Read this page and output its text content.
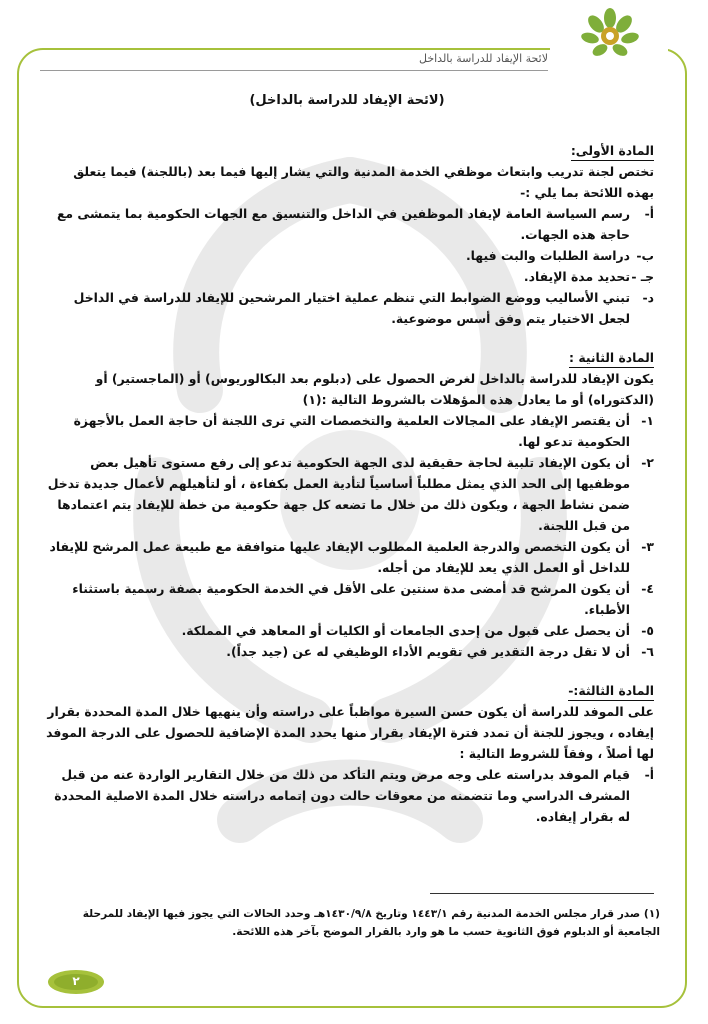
لائحة الإيفاد للدراسة بالداخل
(لائحة الإيفاد للدراسة بالداخل)
المادة الأولى:

تختص لجنة تدريب وابتعاث موظفي الخدمة المدنية والتي يشار إليها فيما بعد (باللجنة) فيما يتعلق

بهذه اللائحة بما يلي :-

أ-
رسم السياسة العامة لإيفاد الموظفين في الداخل والتنسيق مع الجهات الحكومية بما يتمشى مع حاجة هذه الجهات.
ب-
دراسة الطلبات والبت فيها.
جـ -
تحديد مدة الإيفاد.
د-
تبني الأساليب ووضع الضوابط التي تنظم عملية اختيار المرشحين للإيفاد للدراسة في الداخل لجعل الاختيار يتم وفق أسس موضوعية.
المادة الثانية :

يكون الإيفاد للدراسة بالداخل لغرض الحصول على (دبلوم بعد البكالوريوس) أو (الماجستير) أو

(الدكتوراه) أو ما يعادل هذه المؤهلات بالشروط التالية :(١)

١-
أن يقتصر الإيفاد على المجالات العلمية والتخصصات التي ترى اللجنة أن حاجة العمل بالأجهزة الحكومية تدعو لها.
٢-
أن يكون الإيفاد تلبية لحاجة حقيقية لدى الجهة الحكومية تدعو إلى رفع مستوى تأهيل بعض موظفيها إلى الحد الذي يمثل مطلباً أساسياً لتأدية العمل بكفاءة ، أو لتأهيلهم لأعمال جديدة تدخل ضمن نشاط الجهة ، ويكون ذلك من خلال ما تضعه كل جهة حكومية من خطة للإيفاد يتم اعتمادها من قبل اللجنة.
٣-
أن يكون التخصص والدرجة العلمية المطلوب الإيفاد عليها متوافقة مع طبيعة عمل المرشح للإيفاد للداخل أو العمل الذي يعد للإيفاد من أجله.
٤-
أن يكون المرشح قد أمضى مدة سنتين على الأقل في الخدمة الحكومية بصفة رسمية باستثناء الأطباء.
٥-
أن يحصل على قبول من إحدى الجامعات أو الكليات أو المعاهد في المملكة.
٦-
أن لا تقل درجة التقدير في تقويم الأداء الوظيفي له عن (جيد جداً).
المادة الثالثة:-

على الموفد للدراسة أن يكون حسن السيرة مواظباً على دراسته وأن ينهيها خلال المدة المحددة بقرار إيفاده ، ويجوز للجنة أن تمدد فترة الإيفاد بقرار منها يحدد المدة الإضافية للحصول على الدرجة الموفد لها أصلاً ، وفقاً للشروط التالية :

أ-
قيام الموفد بدراسته على وجه مرض ويتم التأكد من ذلك من خلال التقارير الواردة عنه من قبل المشرف الدراسي وما تتضمنه من معوقات حالت دون إتمامه دراسته خلال المدة الاصلية المحددة له بقرار إيفاده.
(١) صدر قرار مجلس الخدمة المدنية رقم ١٤٤٣/١ وتاريخ ١٤٣٠/٩/٨هـ وحدد الحالات التي يجوز فيها الإيفاد للمرحلة الجامعية أو الدبلوم فوق الثانوية حسب ما هو وارد بالقرار الموضح بآخر هذه اللائحة.
٢
